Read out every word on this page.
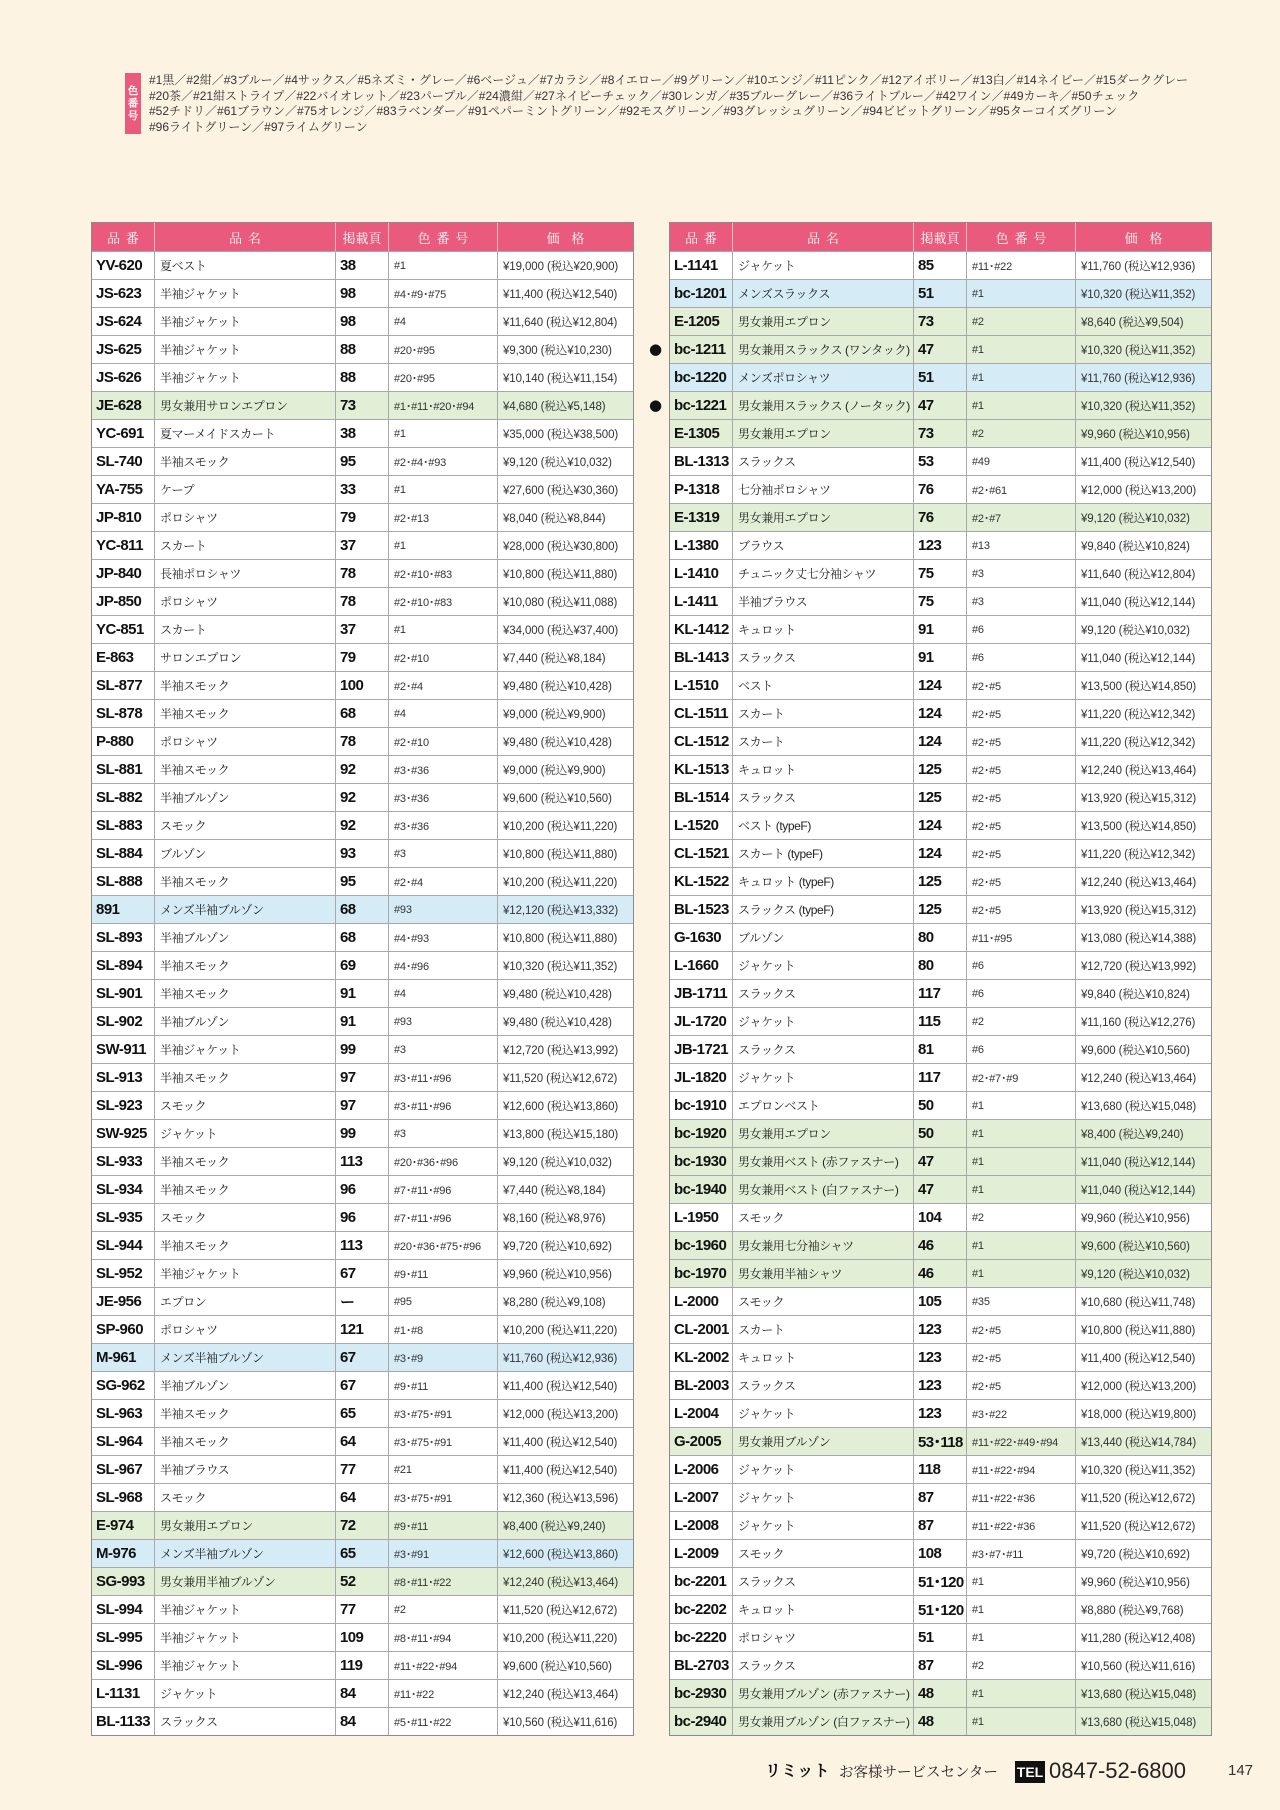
色番号
#1黒／#2紺／#3ブルー／#4サックス／#5ネズミ・グレー／#6ベージュ／#7カラシ／#8イエロー／#9グリーン／#10エンジ／#11ピンク／#12アイボリー／#13白／#14ネイビー／#15ダークグレー
#20茶／#21紺ストライプ／#22バイオレット／#23パープル／#24濃紺／#27ネイビーチェック／#30レンガ／#35ブルーグレー／#36ライトブルー／#42ワイン／#49カーキ／#50チェック
#52チドリ／#61ブラウン／#75オレンジ／#83ラベンダー／#91ペパーミントグリーン／#92モスグリーン／#93グレッシュグリーン／#94ビビットグリーン／#95ターコイズグリーン
#96ライトグリーン／#97ライムグリーン
品番	品名	掲載頁	色番号	価格
YV-620	夏ベスト	38	#1	¥19,000 (税込¥20,900)
JS-623	半袖ジャケット	98	#4･#9･#75	¥11,400 (税込¥12,540)
JS-624	半袖ジャケット	98	#4	¥11,640 (税込¥12,804)
JS-625	半袖ジャケット	88	#20･#95	¥9,300 (税込¥10,230)
JS-626	半袖ジャケット	88	#20･#95	¥10,140 (税込¥11,154)
JE-628	男女兼用サロンエプロン	73	#1･#11･#20･#94	¥4,680 (税込¥5,148)
YC-691	夏マーメイドスカート	38	#1	¥35,000 (税込¥38,500)
SL-740	半袖スモック	95	#2･#4･#93	¥9,120 (税込¥10,032)
YA-755	ケープ	33	#1	¥27,600 (税込¥30,360)
JP-810	ポロシャツ	79	#2･#13	¥8,040 (税込¥8,844)
YC-811	スカート	37	#1	¥28,000 (税込¥30,800)
JP-840	長袖ポロシャツ	78	#2･#10･#83	¥10,800 (税込¥11,880)
JP-850	ポロシャツ	78	#2･#10･#83	¥10,080 (税込¥11,088)
YC-851	スカート	37	#1	¥34,000 (税込¥37,400)
E-863	サロンエプロン	79	#2･#10	¥7,440 (税込¥8,184)
SL-877	半袖スモック	100	#2･#4	¥9,480 (税込¥10,428)
SL-878	半袖スモック	68	#4	¥9,000 (税込¥9,900)
P-880	ポロシャツ	78	#2･#10	¥9,480 (税込¥10,428)
SL-881	半袖スモック	92	#3･#36	¥9,000 (税込¥9,900)
SL-882	半袖ブルゾン	92	#3･#36	¥9,600 (税込¥10,560)
SL-883	スモック	92	#3･#36	¥10,200 (税込¥11,220)
SL-884	ブルゾン	93	#3	¥10,800 (税込¥11,880)
SL-888	半袖スモック	95	#2･#4	¥10,200 (税込¥11,220)
891	メンズ半袖ブルゾン	68	#93	¥12,120 (税込¥13,332)
SL-893	半袖ブルゾン	68	#4･#93	¥10,800 (税込¥11,880)
SL-894	半袖スモック	69	#4･#96	¥10,320 (税込¥11,352)
SL-901	半袖スモック	91	#4	¥9,480 (税込¥10,428)
SL-902	半袖ブルゾン	91	#93	¥9,480 (税込¥10,428)
SW-911	半袖ジャケット	99	#3	¥12,720 (税込¥13,992)
SL-913	半袖スモック	97	#3･#11･#96	¥11,520 (税込¥12,672)
SL-923	スモック	97	#3･#11･#96	¥12,600 (税込¥13,860)
SW-925	ジャケット	99	#3	¥13,800 (税込¥15,180)
SL-933	半袖スモック	113	#20･#36･#96	¥9,120 (税込¥10,032)
SL-934	半袖スモック	96	#7･#11･#96	¥7,440 (税込¥8,184)
SL-935	スモック	96	#7･#11･#96	¥8,160 (税込¥8,976)
SL-944	半袖スモック	113	#20･#36･#75･#96	¥9,720 (税込¥10,692)
SL-952	半袖ジャケット	67	#9･#11	¥9,960 (税込¥10,956)
JE-956	エプロン	ー	#95	¥8,280 (税込¥9,108)
SP-960	ポロシャツ	121	#1･#8	¥10,200 (税込¥11,220)
M-961	メンズ半袖ブルゾン	67	#3･#9	¥11,760 (税込¥12,936)
SG-962	半袖ブルゾン	67	#9･#11	¥11,400 (税込¥12,540)
SL-963	半袖スモック	65	#3･#75･#91	¥12,000 (税込¥13,200)
SL-964	半袖スモック	64	#3･#75･#91	¥11,400 (税込¥12,540)
SL-967	半袖ブラウス	77	#21	¥11,400 (税込¥12,540)
SL-968	スモック	64	#3･#75･#91	¥12,360 (税込¥13,596)
E-974	男女兼用エプロン	72	#9･#11	¥8,400 (税込¥9,240)
M-976	メンズ半袖ブルゾン	65	#3･#91	¥12,600 (税込¥13,860)
SG-993	男女兼用半袖ブルゾン	52	#8･#11･#22	¥12,240 (税込¥13,464)
SL-994	半袖ジャケット	77	#2	¥11,520 (税込¥12,672)
SL-995	半袖ジャケット	109	#8･#11･#94	¥10,200 (税込¥11,220)
SL-996	半袖ジャケット	119	#11･#22･#94	¥9,600 (税込¥10,560)
L-1131	ジャケット	84	#11･#22	¥12,240 (税込¥13,464)
BL-1133 スラックス	84	#5･#11･#22	¥10,560 (税込¥11,616)
品番	品名	掲載頁	色番号	価格
L-1141	ジャケット	85	#11･#22	¥11,760 (税込¥12,936)
bc-1201 メンズスラックス	51	#1	¥10,320 (税込¥11,352)
E-1205	男女兼用エプロン	73	#2	¥8,640 (税込¥9,504)
● bc-1211	男女兼用スラックス (ワンタック) 47	#1	¥10,320 (税込¥11,352)
bc-1220 メンズポロシャツ	51	#1	¥11,760 (税込¥12,936)
● bc-1221 男女兼用スラックス (ノータック) 47	#1	¥10,320 (税込¥11,352)
E-1305	男女兼用エプロン	73	#2	¥9,960 (税込¥10,956)
BL-1313 スラックス	53	#49	¥11,400 (税込¥12,540)
P-1318	七分袖ポロシャツ	76	#2･#61	¥12,000 (税込¥13,200)
E-1319	男女兼用エプロン	76	#2･#7	¥9,120 (税込¥10,032)
L-1380	ブラウス	123	#13	¥9,840 (税込¥10,824)
L-1410	チュニック丈七分袖シャツ	75	#3	¥11,640 (税込¥12,804)
L-1411	半袖ブラウス	75	#3	¥11,040 (税込¥12,144)
KL-1412 キュロット	91	#6	¥9,120 (税込¥10,032)
BL-1413 スラックス	91	#6	¥11,040 (税込¥12,144)
L-1510	ベスト	124	#2･#5	¥13,500 (税込¥14,850)
CL-1511 スカート	124	#2･#5	¥11,220 (税込¥12,342)
CL-1512 スカート	124	#2･#5	¥11,220 (税込¥12,342)
KL-1513 キュロット	125	#2･#5	¥12,240 (税込¥13,464)
BL-1514 スラックス	125	#2･#5	¥13,920 (税込¥15,312)
L-1520	ベスト (typeF)	124	#2･#5	¥13,500 (税込¥14,850)
CL-1521 スカート (typeF)	124	#2･#5	¥11,220 (税込¥12,342)
KL-1522 キュロット (typeF)	125	#2･#5	¥12,240 (税込¥13,464)
BL-1523 スラックス (typeF)	125	#2･#5	¥13,920 (税込¥15,312)
G-1630	ブルゾン	80	#11･#95	¥13,080 (税込¥14,388)
L-1660	ジャケット	80	#6	¥12,720 (税込¥13,992)
JB-1711 スラックス	117	#6	¥9,840 (税込¥10,824)
JL-1720 ジャケット	115	#2	¥11,160 (税込¥12,276)
JB-1721 スラックス	81	#6	¥9,600 (税込¥10,560)
JL-1820 ジャケット	117	#2･#7･#9	¥12,240 (税込¥13,464)
bc-1910 エプロンベスト	50	#1	¥13,680 (税込¥15,048)
bc-1920 男女兼用エプロン	50	#1	¥8,400 (税込¥9,240)
bc-1930 男女兼用ベスト (赤ファスナー)	47	#1	¥11,040 (税込¥12,144)
bc-1940 男女兼用ベスト (白ファスナー)	47	#1	¥11,040 (税込¥12,144)
L-1950	スモック	104	#2	¥9,960 (税込¥10,956)
bc-1960 男女兼用七分袖シャツ	46	#1	¥9,600 (税込¥10,560)
bc-1970 男女兼用半袖シャツ	46	#1	¥9,120 (税込¥10,032)
L-2000	スモック	105	#35	¥10,680 (税込¥11,748)
CL-2001 スカート	123	#2･#5	¥10,800 (税込¥11,880)
KL-2002 キュロット	123	#2･#5	¥11,400 (税込¥12,540)
BL-2003 スラックス	123	#2･#5	¥12,000 (税込¥13,200)
L-2004	ジャケット	123	#3･#22	¥18,000 (税込¥19,800)
G-2005	男女兼用ブルゾン	53･118 #11･#22･#49･#94	¥13,440 (税込¥14,784)
L-2006	ジャケット	118	#11･#22･#94	¥10,320 (税込¥11,352)
L-2007	ジャケット	87	#11･#22･#36	¥11,520 (税込¥12,672)
L-2008	ジャケット	87	#11･#22･#36	¥11,520 (税込¥12,672)
L-2009	スモック	108	#3･#7･#11	¥9,720 (税込¥10,692)
bc-2201 スラックス	51･120 #1	¥9,960 (税込¥10,956)
bc-2202 キュロット	51･120 #1	¥8,880 (税込¥9,768)
bc-2220 ポロシャツ	51	#1	¥11,280 (税込¥12,408)
BL-2703 スラックス	87	#2	¥10,560 (税込¥11,616)
bc-2930 男女兼用ブルゾン (赤ファスナー) 48	#1	¥13,680 (税込¥15,048)
bc-2940 男女兼用ブルゾン (白ファスナー) 48	#1	¥13,680 (税込¥15,048)
リミット お客様サービスセンター TEL 0847-52-6800	147
